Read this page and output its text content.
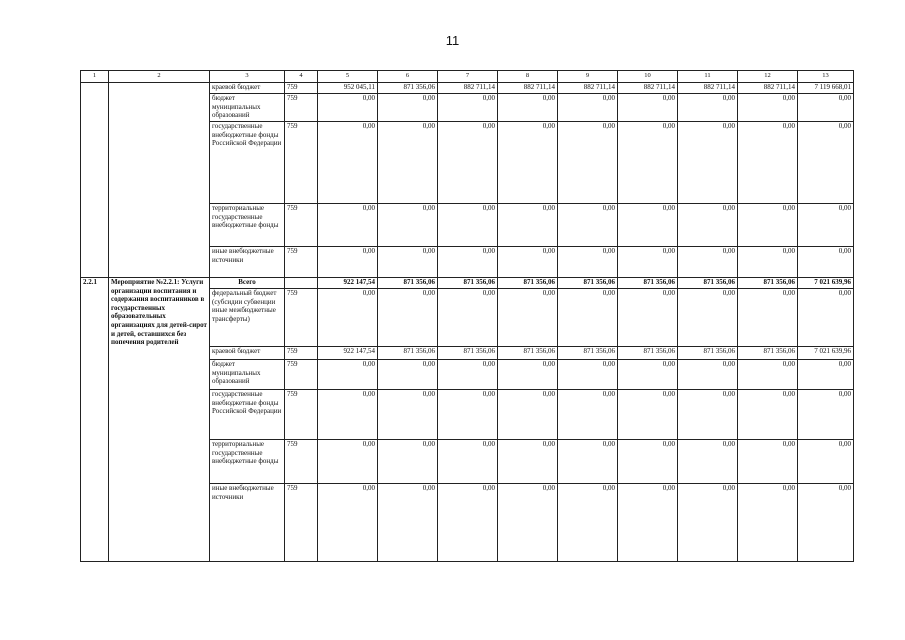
11
1	2	3	4	5	6	7	8	9	10	11	12	13
		краевой бюджет	759	952 045,11	871 356,06	882 711,14	882 711,14	882 711,14	882 711,14	882 711,14	882 711,14	7 119 668,01
		бюджет муниципальных образований	759	0,00	0,00	0,00	0,00	0,00	0,00	0,00	0,00	0,00
		государственные внебюджетные фонды Российской Федерации	759	0,00	0,00	0,00	0,00	0,00	0,00	0,00	0,00	0,00
		территориальные государственные внебюджетные фонды	759	0,00	0,00	0,00	0,00	0,00	0,00	0,00	0,00	0,00
		иные внебюджетные источники	759	0,00	0,00	0,00	0,00	0,00	0,00	0,00	0,00	0,00
2.2.1	Мероприятие №2.2.1: Услуги организации воспитания и содержания воспитанников в государственных образовательных организациях для детей-сирот и детей, оставшихся без попечения родителей	Всего		922 147,54	871 356,06	871 356,06	871 356,06	871 356,06	871 356,06	871 356,06	871 356,06	7 021 639,96
		федеральный бюджет (субсидии субвенции иные межбюджетные трансферты)	759	0,00	0,00	0,00	0,00	0,00	0,00	0,00	0,00	0,00
		краевой бюджет	759	922 147,54	871 356,06	871 356,06	871 356,06	871 356,06	871 356,06	871 356,06	871 356,06	7 021 639,96
		бюджет муниципальных образований	759	0,00	0,00	0,00	0,00	0,00	0,00	0,00	0,00	0,00
		государственные внебюджетные фонды Российской Федерации	759	0,00	0,00	0,00	0,00	0,00	0,00	0,00	0,00	0,00
		территориальные государственные внебюджетные фонды	759	0,00	0,00	0,00	0,00	0,00	0,00	0,00	0,00	0,00
		иные внебюджетные источники	759	0,00	0,00	0,00	0,00	0,00	0,00	0,00	0,00	0,00
